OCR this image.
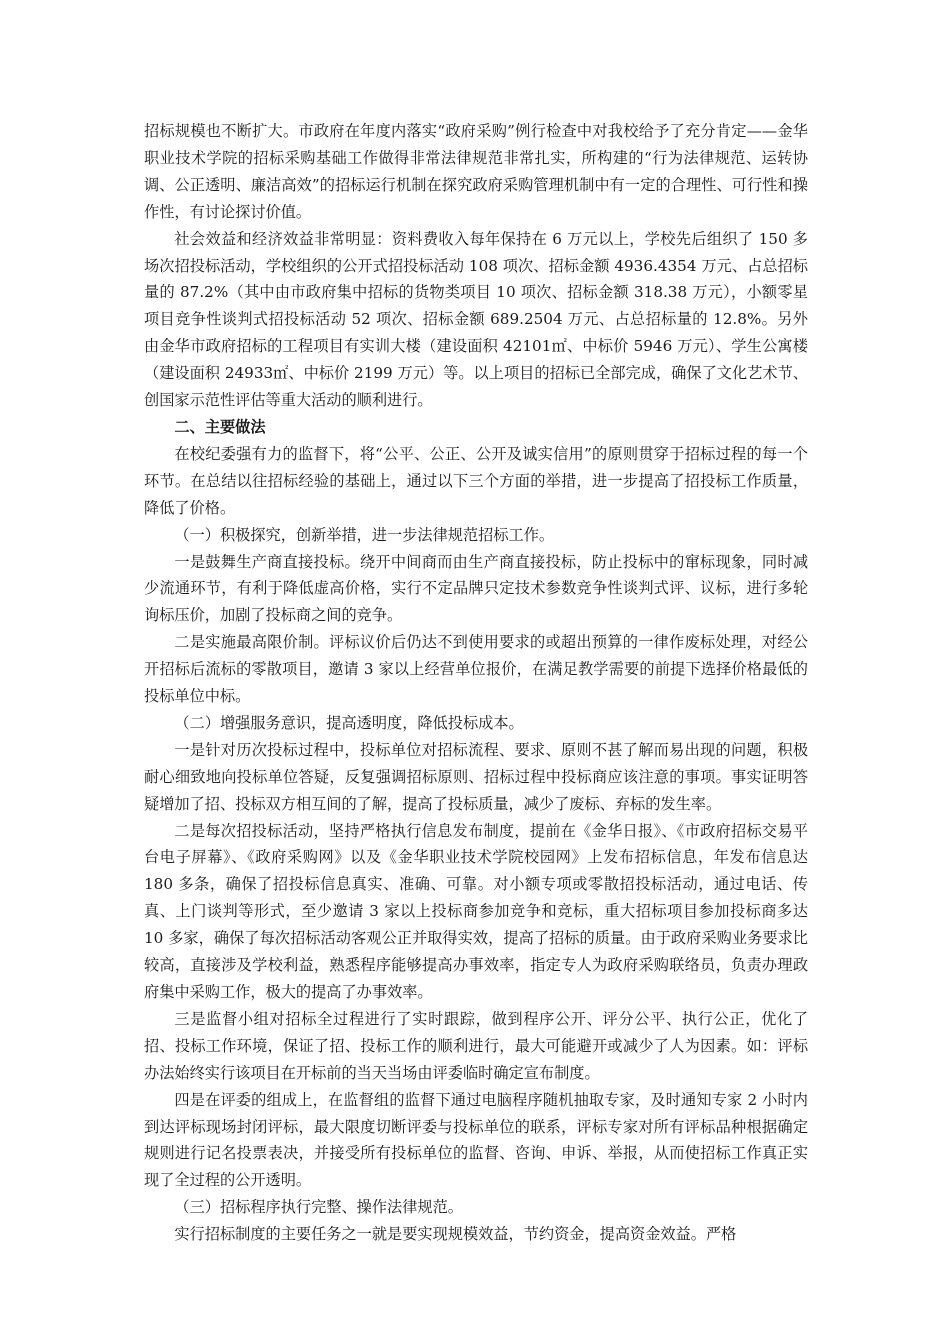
招标规模也不断扩大。市政府在年度内落实“政府采购”例行检查中对我校给予了充分肯定——金华职业技术学院的招标采购基础工作做得非常法律规范非常扎实，所构建的“行为法律规范、运转协调、公正透明、廉洁高效”的招标运行机制在探究政府采购管理机制中有一定的合理性、可行性和操作性，有讨论探讨价值。

社会效益和经济效益非常明显：资料费收入每年保持在 6 万元以上，学校先后组织了 150 多场次招投标活动，学校组织的公开式招投标活动 108 项次、招标金额 4936.4354 万元、占总招标量的 87.2%（其中由市政府集中招标的货物类项目 10 项次、招标金额 318.38 万元），小额零星项目竞争性谈判式招投标活动 52 项次、招标金额 689.2504 万元、占总招标量的 12.8%。另外由金华市政府招标的工程项目有实训大楼（建设面积 42101㎡、中标价 5946 万元）、学生公寓楼（建设面积 24933㎡、中标价 2199 万元）等。以上项目的招标已全部完成，确保了文化艺术节、创国家示范性评估等重大活动的顺利进行。

二、主要做法

在校纪委强有力的监督下，将“公平、公正、公开及诚实信用”的原则贯穿于招标过程的每一个环节。在总结以往招标经验的基础上，通过以下三个方面的举措，进一步提高了招投标工作质量，降低了价格。

（一）积极探究，创新举措，进一步法律规范招标工作。

一是鼓舞生产商直接投标。绕开中间商而由生产商直接投标，防止投标中的窜标现象，同时减少流通环节，有利于降低虚高价格，实行不定品牌只定技术参数竞争性谈判式评、议标，进行多轮询标压价，加剧了投标商之间的竞争。

二是实施最高限价制。评标议价后仍达不到使用要求的或超出预算的一律作废标处理，对经公开招标后流标的零散项目，邀请 3 家以上经营单位报价，在满足教学需要的前提下选择价格最低的投标单位中标。

（二）增强服务意识，提高透明度，降低投标成本。

一是针对历次投标过程中，投标单位对招标流程、要求、原则不甚了解而易出现的问题，积极耐心细致地向投标单位答疑，反复强调招标原则、招标过程中投标商应该注意的事项。事实证明答疑增加了招、投标双方相互间的了解，提高了投标质量，减少了废标、弃标的发生率。

二是每次招投标活动，坚持严格执行信息发布制度，提前在《金华日报》、《市政府招标交易平台电子屏幕》、《政府采购网》以及《金华职业技术学院校园网》上发布招标信息，年发布信息达 180 多条，确保了招投标信息真实、准确、可靠。对小额专项或零散招投标活动，通过电话、传真、上门谈判等形式，至少邀请 3 家以上投标商参加竞争和竞标，重大招标项目参加投标商多达 10 多家，确保了每次招标活动客观公正并取得实效，提高了招标的质量。由于政府采购业务要求比较高，直接涉及学校利益，熟悉程序能够提高办事效率，指定专人为政府采购联络员，负责办理政府集中采购工作，极大的提高了办事效率。

三是监督小组对招标全过程进行了实时跟踪，做到程序公开、评分公平、执行公正，优化了招、投标工作环境，保证了招、投标工作的顺利进行，最大可能避开或减少了人为因素。如：评标办法始终实行该项目在开标前的当天当场由评委临时确定宣布制度。

四是在评委的组成上，在监督组的监督下通过电脑程序随机抽取专家，及时通知专家 2 小时内到达评标现场封闭评标，最大限度切断评委与投标单位的联系，评标专家对所有评标品种根据确定规则进行记名投票表决，并接受所有投标单位的监督、咨询、申诉、举报，从而使招标工作真正实现了全过程的公开透明。

（三）招标程序执行完整、操作法律规范。

实行招标制度的主要任务之一就是要实现规模效益，节约资金，提高资金效益。严格
